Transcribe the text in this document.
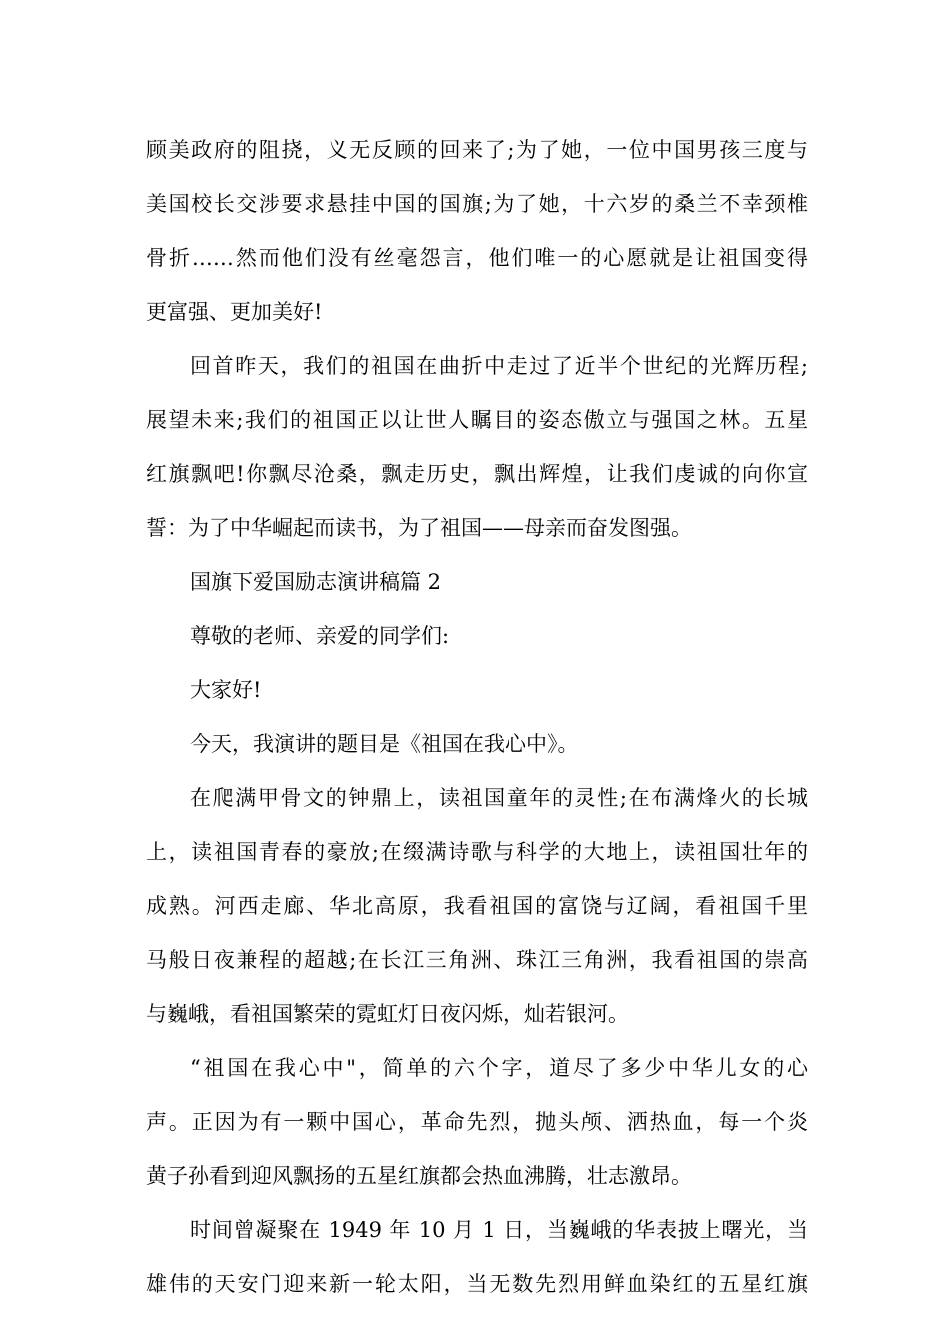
顾美政府的阻挠，义无反顾的回来了;为了她，一位中国男孩三度与
美国校长交涉要求悬挂中国的国旗;为了她，十六岁的桑兰不幸颈椎
骨折……然而他们没有丝毫怨言，他们唯一的心愿就是让祖国变得
更富强、更加美好!
回首昨天，我们的祖国在曲折中走过了近半个世纪的光辉历程;
展望未来;我们的祖国正以让世人瞩目的姿态傲立与强国之林。五星
红旗飘吧!你飘尽沧桑，飘走历史，飘出辉煌，让我们虔诚的向你宣
誓：为了中华崛起而读书，为了祖国——母亲而奋发图强。
国旗下爱国励志演讲稿篇 2
尊敬的老师、亲爱的同学们:
大家好!
今天，我演讲的题目是《祖国在我心中》。
在爬满甲骨文的钟鼎上，读祖国童年的灵性;在布满烽火的长城
上，读祖国青春的豪放;在缀满诗歌与科学的大地上，读祖国壮年的
成熟。河西走廊、华北高原，我看祖国的富饶与辽阔，看祖国千里
马般日夜兼程的超越;在长江三角洲、珠江三角洲，我看祖国的崇高
与巍峨，看祖国繁荣的霓虹灯日夜闪烁，灿若银河。
“祖国在我心中"，简单的六个字，道尽了多少中华儿女的心
声。正因为有一颗中国心，革命先烈，抛头颅、洒热血，每一个炎
黄子孙看到迎风飘扬的五星红旗都会热血沸腾，壮志激昂。
时间曾凝聚在 1949 年 10 月 1 日，当巍峨的华表披上曙光，当
雄伟的天安门迎来新一轮太阳，当无数先烈用鲜血染红的五星红旗
